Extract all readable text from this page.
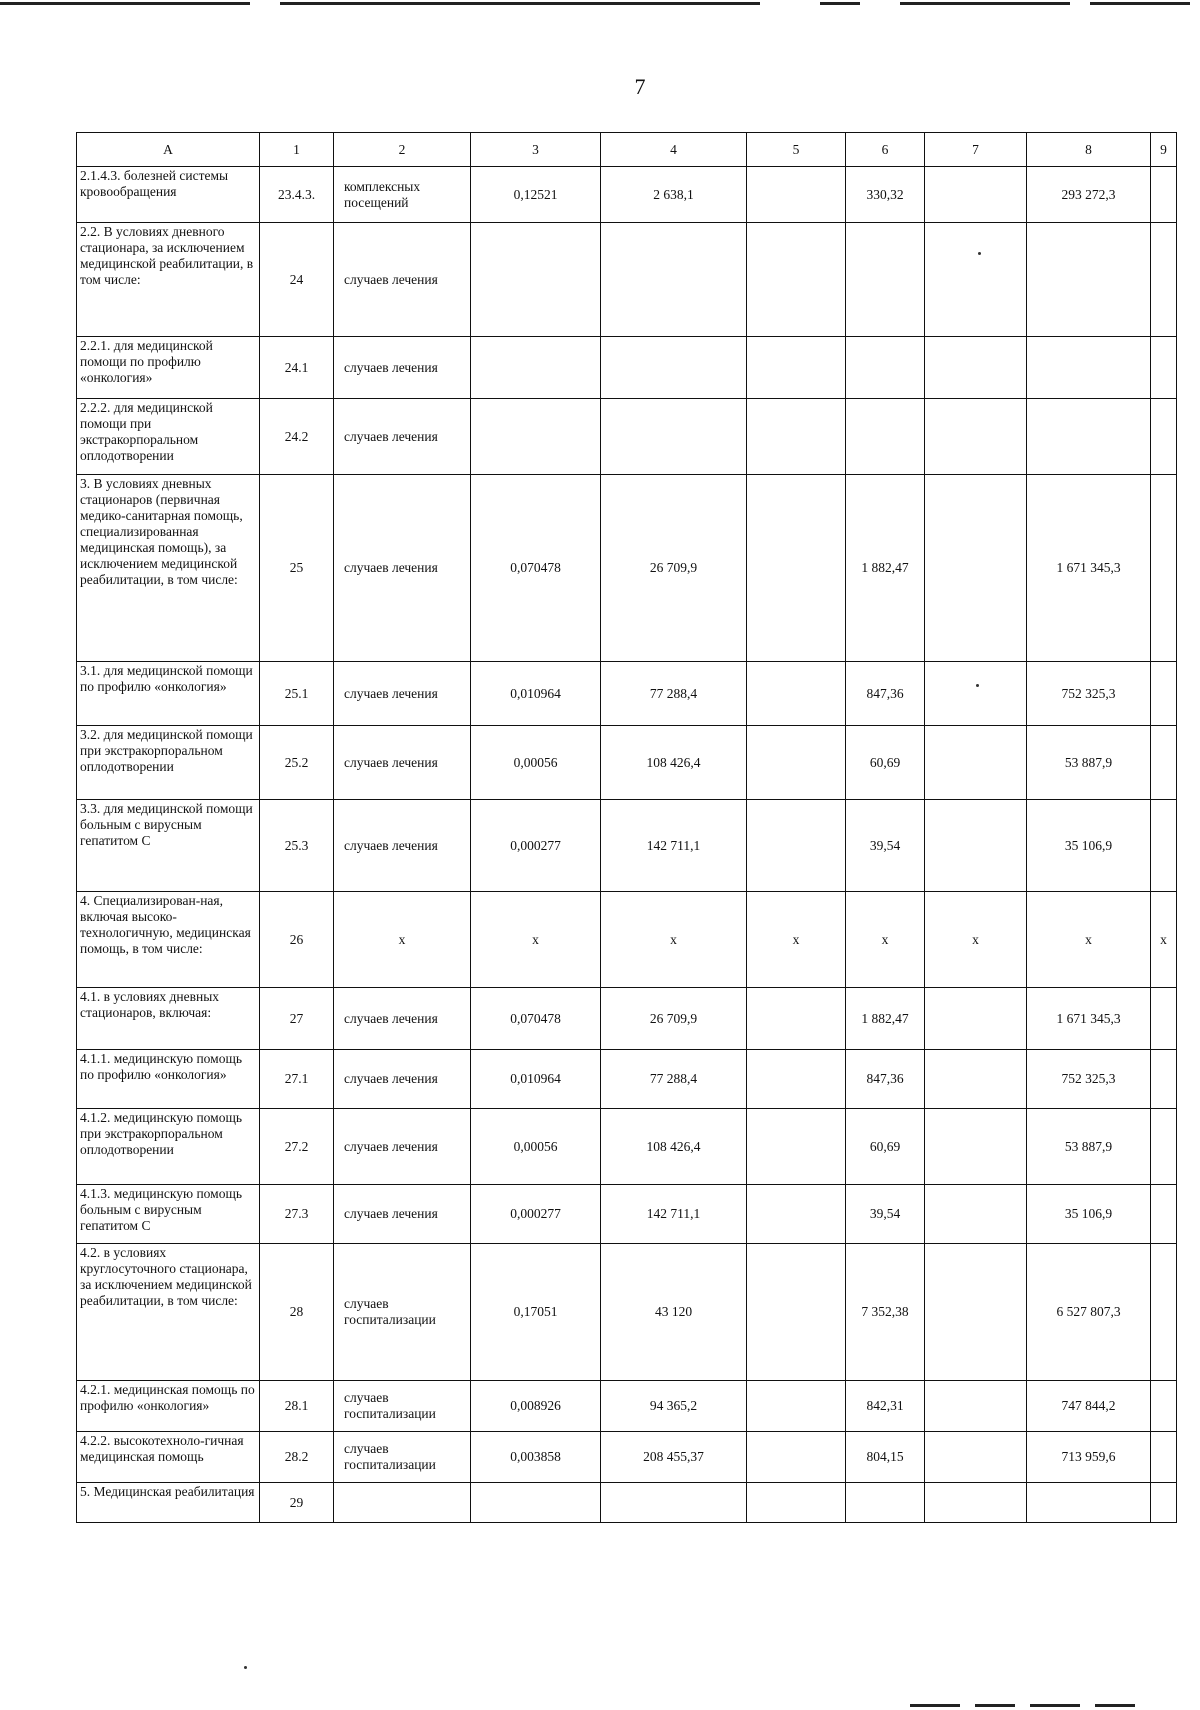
7
A	1	2	3	4	5	6	7	8	9
2.1.4.3. болезней системы кровообращения	23.4.3.	комплексных посещений	0,12521	2 638,1		330,32		293 272,3	
2.2. В условиях дневного стационара, за исключением медицинской реабилитации, в том числе:	24	случаев лечения							
2.2.1. для медицинской помощи по профилю «онкология»	24.1	случаев лечения							
2.2.2. для медицинской помощи при экстракорпоральном оплодотворении	24.2	случаев лечения							
3. В условиях дневных стационаров (первичная медико-санитарная помощь, специализированная медицинская помощь), за исключением медицинской реабилитации, в том числе:	25	случаев лечения	0,070478	26 709,9		1 882,47		1 671 345,3	
3.1. для медицинской помощи по профилю «онкология»	25.1	случаев лечения	0,010964	77 288,4		847,36		752 325,3	
3.2. для медицинской помощи при экстракорпоральном оплодотворении	25.2	случаев лечения	0,00056	108 426,4		60,69		53 887,9	
3.3. для медицинской помощи больным с вирусным гепатитом С	25.3	случаев лечения	0,000277	142 711,1		39,54		35 106,9	
4. Специализирован-ная, включая высоко-технологичную, медицинская помощь, в том числе:	26	x	x	x	x	x	x	x	x
4.1. в условиях дневных стационаров, включая:	27	случаев лечения	0,070478	26 709,9		1 882,47		1 671 345,3	
4.1.1. медицинскую помощь по профилю «онкология»	27.1	случаев лечения	0,010964	77 288,4		847,36		752 325,3	
4.1.2. медицинскую помощь при экстракорпоральном оплодотворении	27.2	случаев лечения	0,00056	108 426,4		60,69		53 887,9	
4.1.3. медицинскую помощь больным с вирусным гепатитом С	27.3	случаев лечения	0,000277	142 711,1		39,54		35 106,9	
4.2. в условиях круглосуточного стационара, за исключением медицинской реабилитации, в том числе:	28	случаев госпитализации	0,17051	43 120		7 352,38		6 527 807,3	
4.2.1. медицинская помощь по профилю «онкология»	28.1	случаев госпитализации	0,008926	94 365,2		842,31		747 844,2	
4.2.2. высокотехноло-гичная медицинская помощь	28.2	случаев госпитализации	0,003858	208 455,37		804,15		713 959,6	
5. Медицинская реабилитация	29								
